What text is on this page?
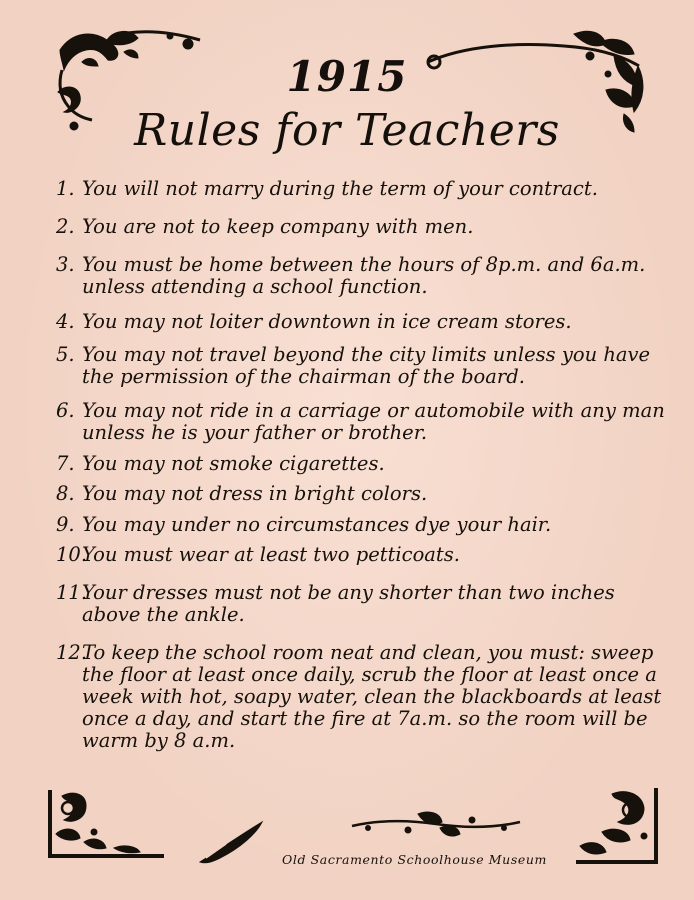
1915
Rules for Teachers
1. You will not marry during the term of your contract.
2. You are not to keep company with men.
3. You must be home between the hours of 8p.m. and 6a.m. unless attending a school function.
4. You may not loiter downtown in ice cream stores.
5. You may not travel beyond the city limits unless you have the permission of the chairman of the board.
6. You may not ride in a carriage or automobile with any man unless he is your father or brother.
7. You may not smoke cigarettes.
8. You may not dress in bright colors.
9. You may under no circumstances dye your hair.
10.
You must wear at least two petticoats.
11.
Your dresses must not be any shorter than two inches above the ankle.
12.
To keep the school room neat and clean, you must: sweep the floor at least once daily, scrub the floor at least once a week with hot, soapy water, clean the blackboards at least once a day, and start the fire at 7a.m. so the room will be warm by 8 a.m.
Old Sacramento Schoolhouse Museum
